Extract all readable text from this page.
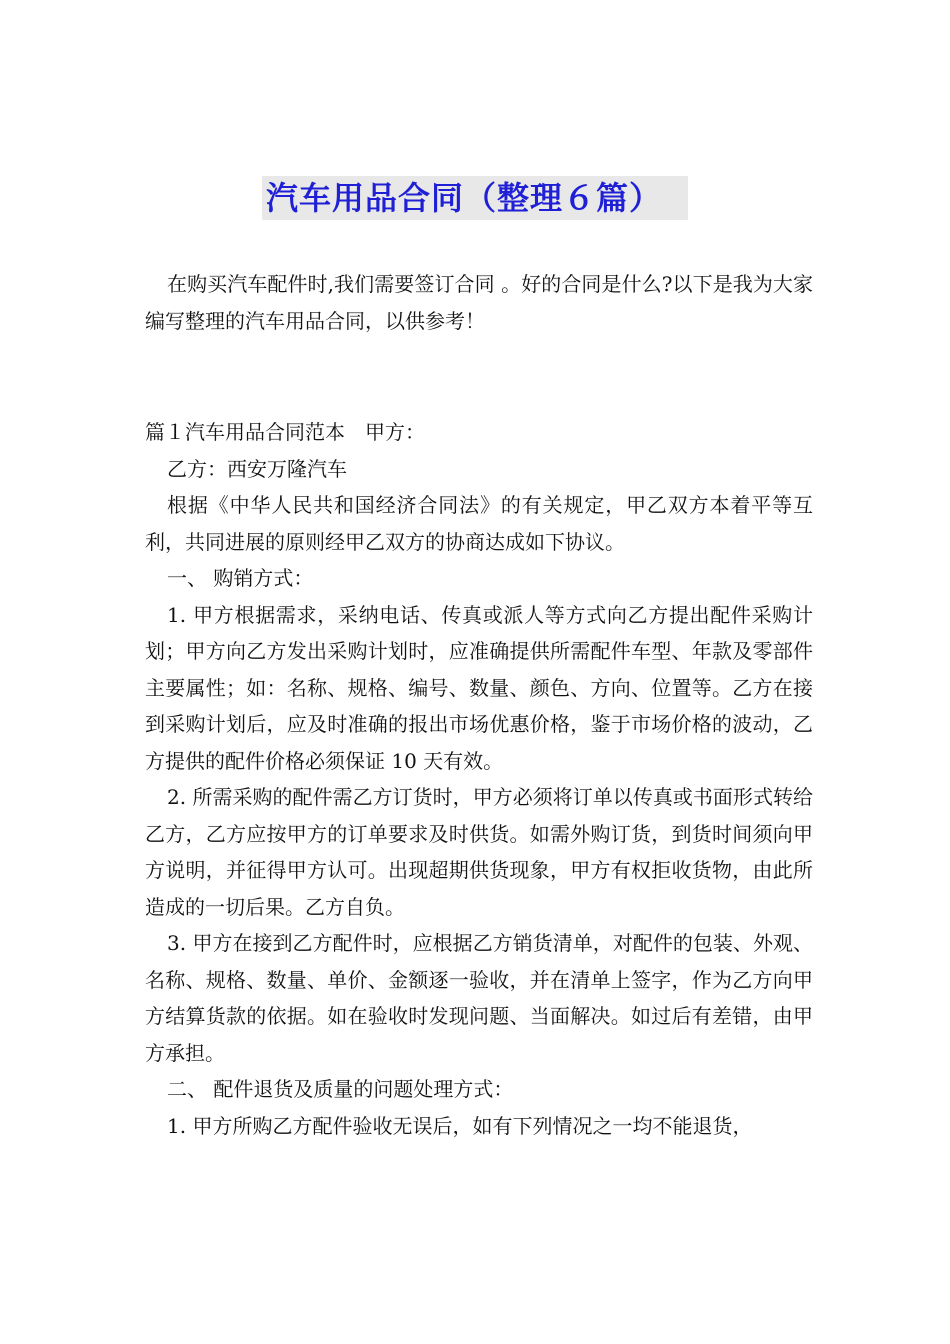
汽车用品合同（整理６篇）

在购买汽车配件时,我们需要签订合同 。好的合同是什么?以下是我为大家编写整理的汽车用品合同，以供参考！

篇１汽车用品合同范本　甲方：

乙方：西安万隆汽车

根据《中华人民共和国经济合同法》的有关规定，甲乙双方本着平等互利，共同进展的原则经甲乙双方的协商达成如下协议。

一、 购销方式：

1. 甲方根据需求，采纳电话、传真或派人等方式向乙方提出配件采购计划；甲方向乙方发出采购计划时，应准确提供所需配件车型、年款及零部件主要属性；如：名称、规格、编号、数量、颜色、方向、位置等。乙方在接到采购计划后，应及时准确的报出市场优惠价格，鉴于市场价格的波动，乙方提供的配件价格必须保证 10 天有效。

2. 所需采购的配件需乙方订货时，甲方必须将订单以传真或书面形式转给乙方，乙方应按甲方的订单要求及时供货。如需外购订货，到货时间须向甲方说明，并征得甲方认可。出现超期供货现象，甲方有权拒收货物，由此所造成的一切后果。乙方自负。

3. 甲方在接到乙方配件时，应根据乙方销货清单，对配件的包装、外观、名称、规格、数量、单价、金额逐一验收，并在清单上签字，作为乙方向甲方结算货款的依据。如在验收时发现问题、当面解决。如过后有差错，由甲方承担。

二、 配件退货及质量的问题处理方式：

1. 甲方所购乙方配件验收无误后，如有下列情况之一均不能退货，
